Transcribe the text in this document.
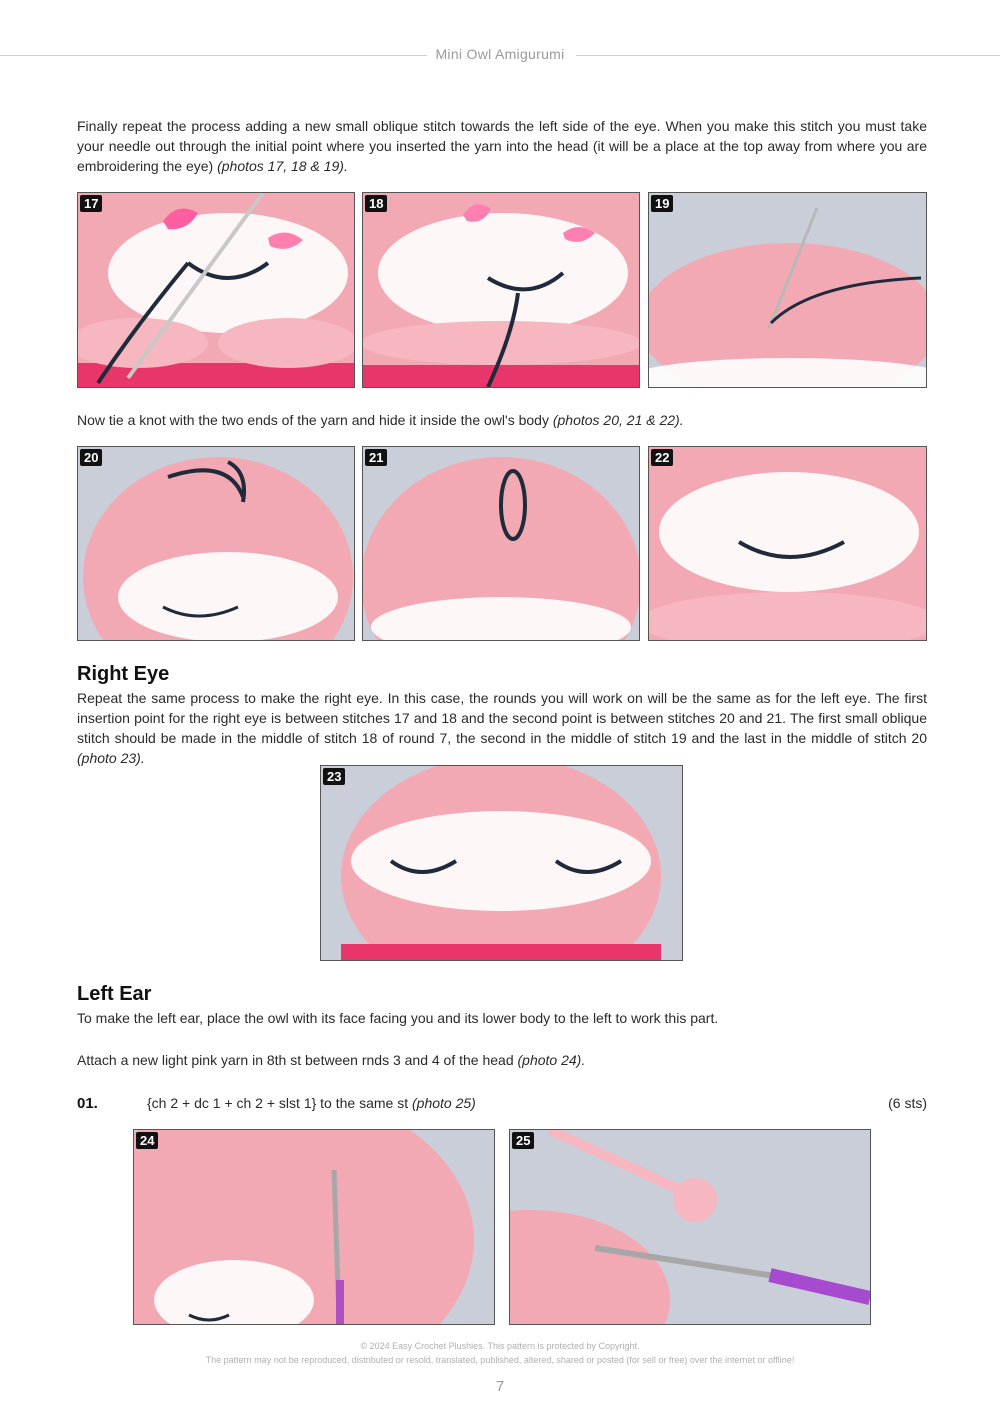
Mini Owl Amigurumi
Finally repeat the process adding a new small oblique stitch towards the left side of the eye. When you make this stitch you must take your needle out through the initial point where you inserted the yarn into the head (it will be a place at the top away from where you are embroidering the eye) (photos 17, 18 & 19).
17	18	19
Now tie a knot with the two ends of the yarn and hide it inside the owl's body (photos 20, 21 & 22).
20	21	22
Right Eye
Repeat the same process to make the right eye. In this case, the rounds you will work on will be the same as for the left eye. The first insertion point for the right eye is between stitches 17 and 18 and the second point is between stitches 20 and 21. The first small oblique stitch should be made in the middle of stitch 18 of round 7, the second in the middle of stitch 19 and the last in the middle of stitch 20 (photo 23).
23
Left Ear
To make the left ear, place the owl with its face facing you and its lower body to the left to work this part.
Attach a new light pink yarn in 8th st between rnds 3 and 4 of the head (photo 24).
01.	{ch 2 + dc 1 + ch 2 + slst 1} to the same st (photo 25)	(6 sts)
24	25
© 2024 Easy Crochet Plushies. This pattern is protected by Copyright.
The pattern may not be reproduced, distributed or resold, translated, published, altered, shared or posted (for sell or free) over the internet or offline!
7
